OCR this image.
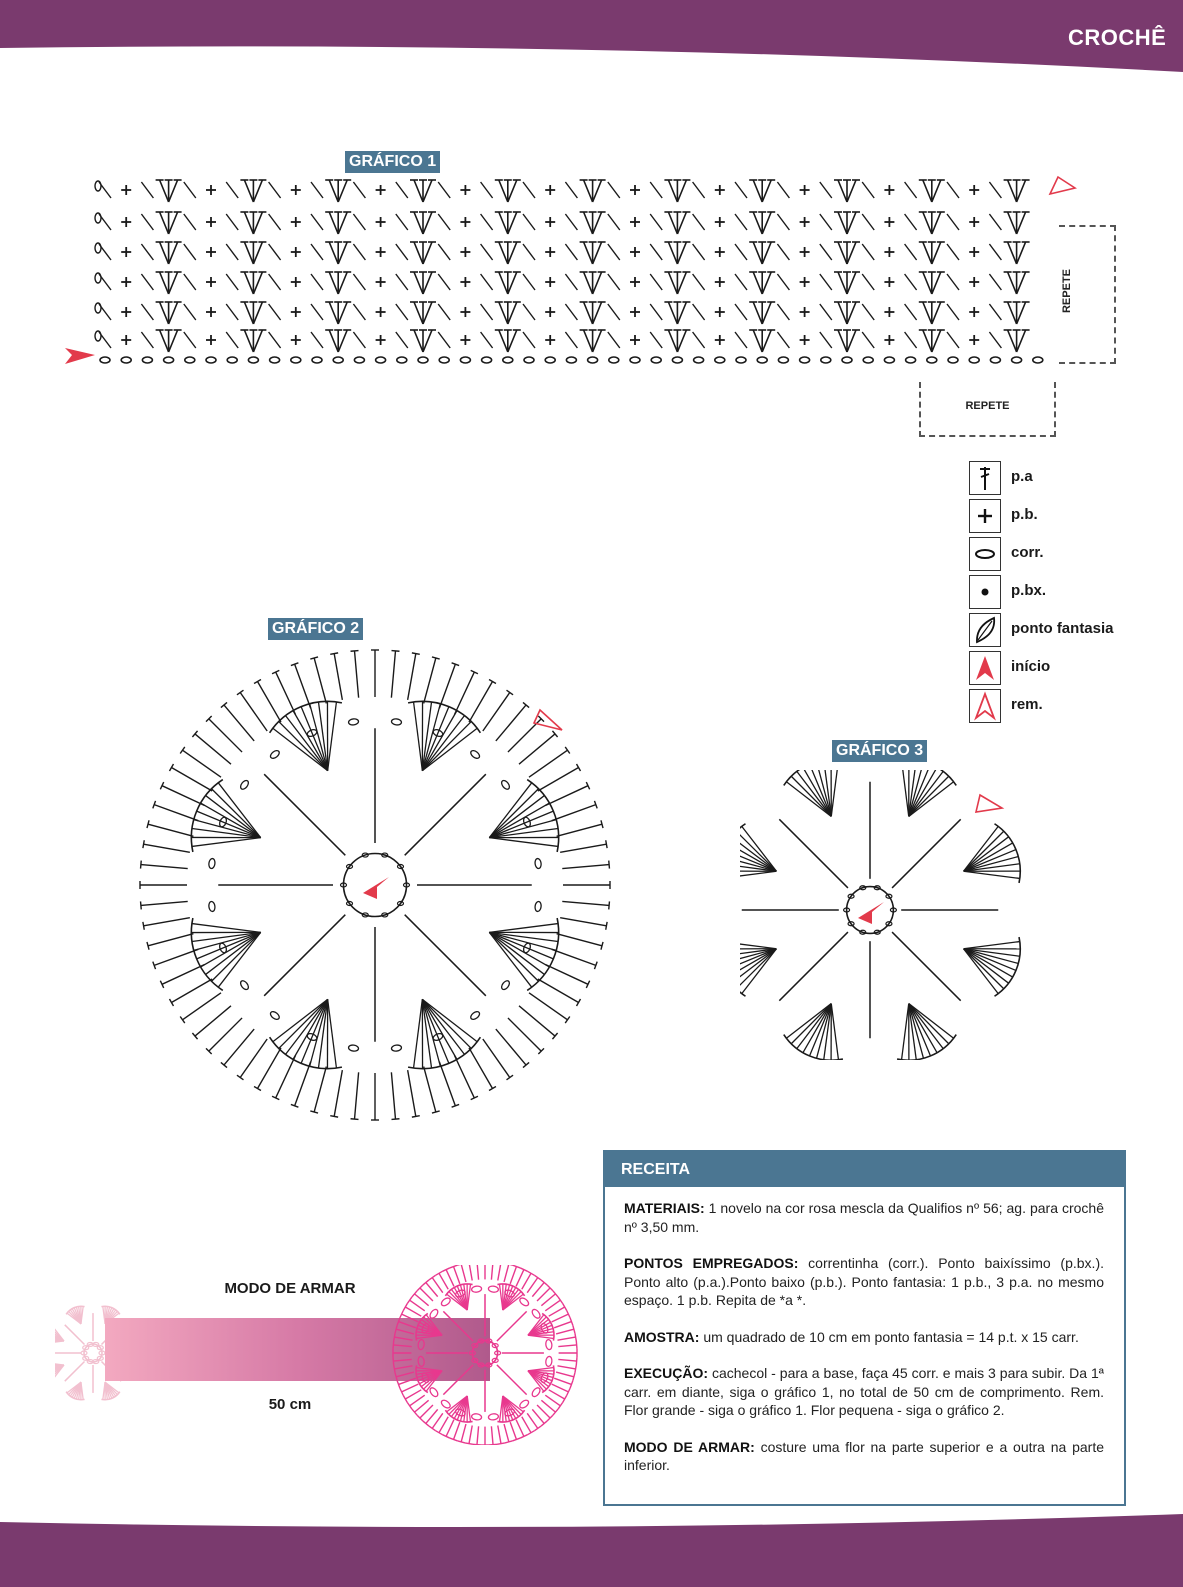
CROCHÊ
GRÁFICO 1
REPETE
REPETE
p.a
p.b.
corr.
p.bx.
ponto fantasia
início
rem.
GRÁFICO 2
GRÁFICO 3
MODO DE ARMAR
50 cm
RECEITA

MATERIAIS: 1 novelo na cor rosa mescla da Qualifios nº 56; ag. para crochê nº 3,50 mm.

PONTOS EMPREGADOS: correntinha (corr.). Ponto baixíssimo (p.bx.). Ponto alto (p.a.).Ponto baixo (p.b.). Ponto fantasia: 1 p.b., 3 p.a. no mesmo espaço. 1 p.b. Repita de *a *.

AMOSTRA: um quadrado de 10 cm em ponto fantasia = 14 p.t. x 15 carr.

EXECUÇÃO: cachecol - para a base, faça 45 corr. e mais 3 para subir. Da 1ª carr. em diante, siga o gráfico 1, no total de 50 cm de comprimento. Rem. Flor grande - siga o gráfico 1. Flor pequena - siga o gráfico 2.

MODO DE ARMAR: costure uma flor na parte superior e a outra na parte inferior.
